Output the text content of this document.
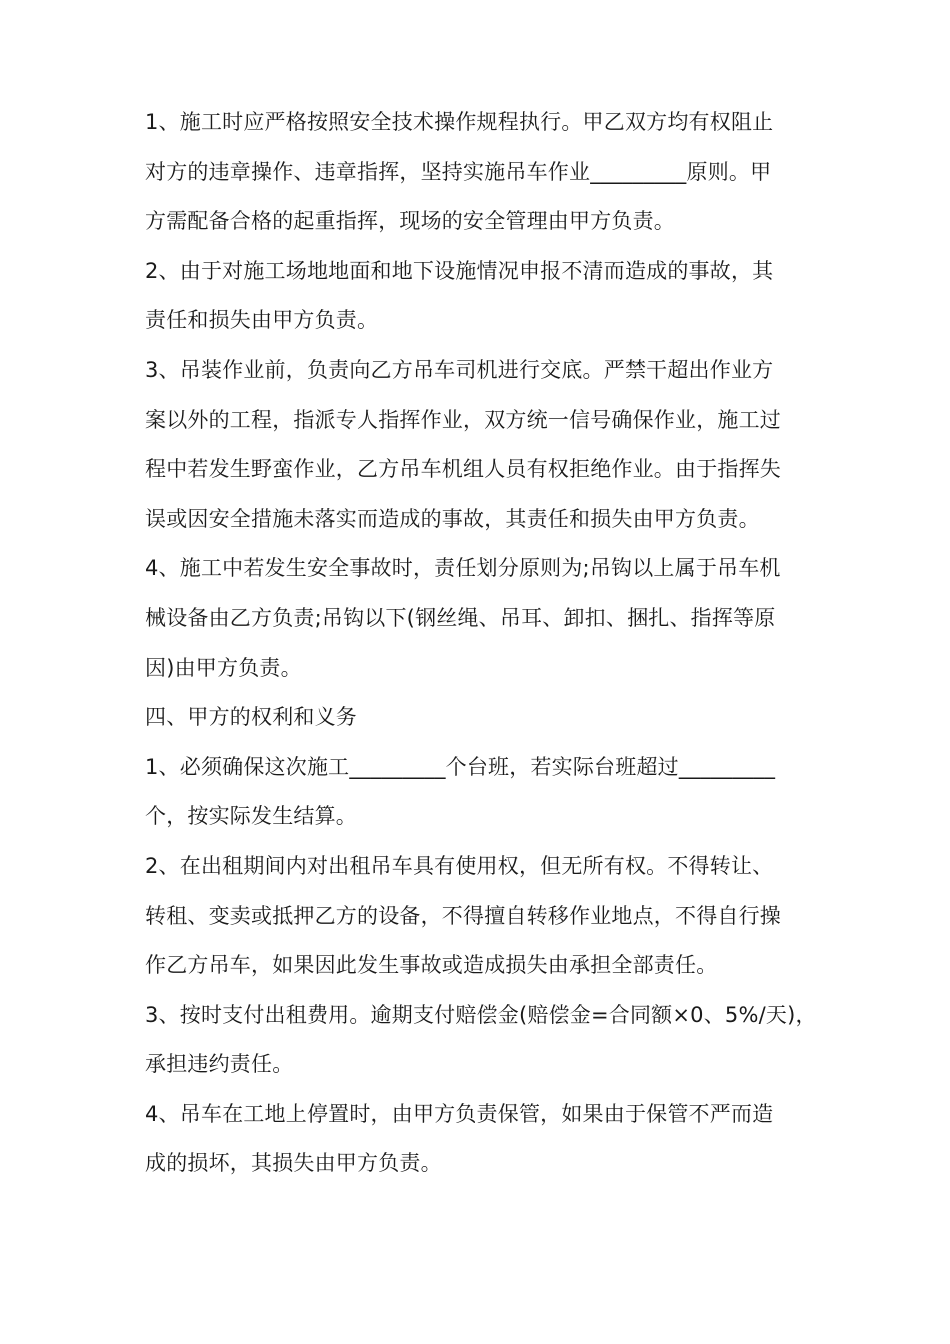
1、施工时应严格按照安全技术操作规程执行。甲乙双方均有权阻止
对方的违章操作、违章指挥，坚持实施吊车作业_________原则。甲
方需配备合格的起重指挥，现场的安全管理由甲方负责。
2、由于对施工场地地面和地下设施情况申报不清而造成的事故，其
责任和损失由甲方负责。
3、吊装作业前，负责向乙方吊车司机进行交底。严禁干超出作业方
案以外的工程，指派专人指挥作业，双方统一信号确保作业，施工过
程中若发生野蛮作业，乙方吊车机组人员有权拒绝作业。由于指挥失
误或因安全措施未落实而造成的事故，其责任和损失由甲方负责。
4、施工中若发生安全事故时，责任划分原则为;吊钩以上属于吊车机
械设备由乙方负责;吊钩以下(钢丝绳、吊耳、卸扣、捆扎、指挥等原
因)由甲方负责。
四、甲方的权利和义务
1、必须确保这次施工_________个台班，若实际台班超过_________
个，按实际发生结算。
2、在出租期间内对出租吊车具有使用权，但无所有权。不得转让、
转租、变卖或抵押乙方的设备，不得擅自转移作业地点，不得自行操
作乙方吊车，如果因此发生事故或造成损失由承担全部责任。
3、按时支付出租费用。逾期支付赔偿金(赔偿金=合同额×0、5%/天)，
承担违约责任。
4、吊车在工地上停置时，由甲方负责保管，如果由于保管不严而造
成的损坏，其损失由甲方负责。
